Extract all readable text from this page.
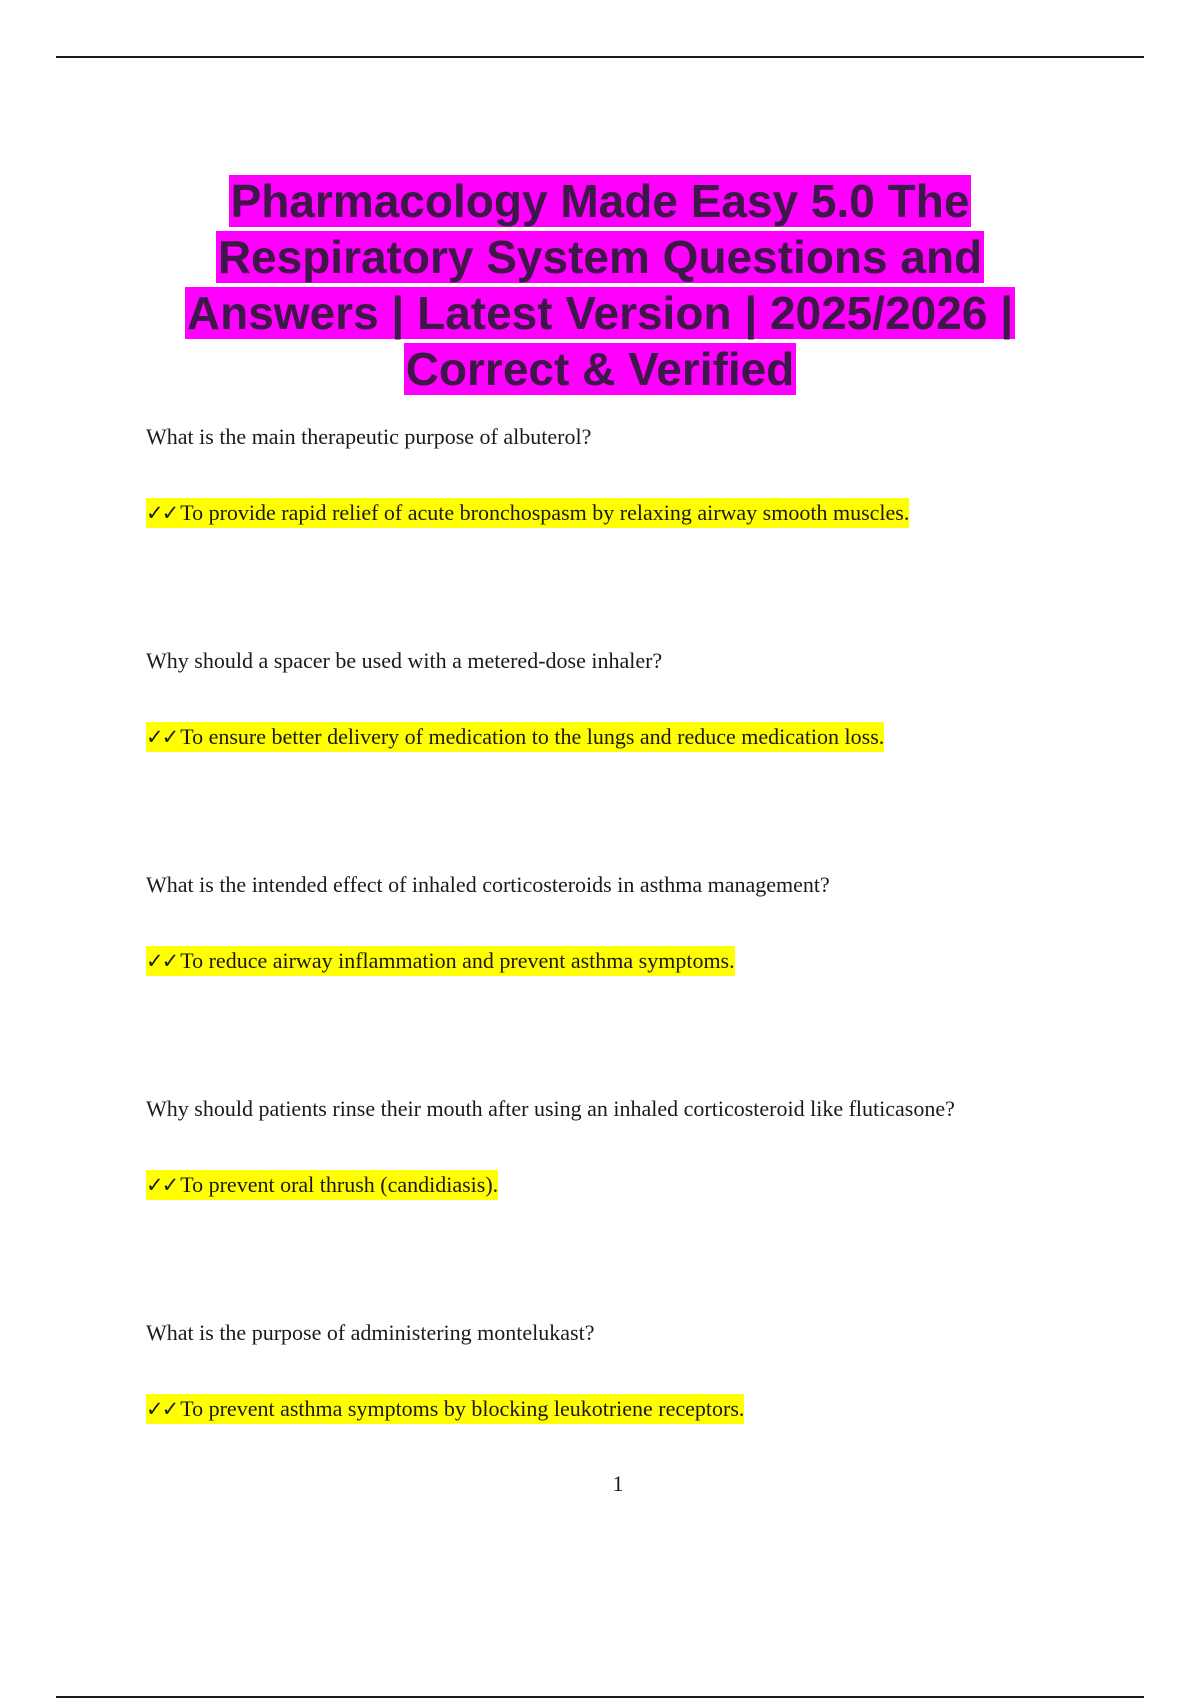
Pharmacology Made Easy 5.0 The
Respiratory System Questions and
Answers | Latest Version | 2025/2026 |
Correct & Verified

What is the main therapeutic purpose of albuterol?

✓✓ To provide rapid relief of acute bronchospasm by relaxing airway smooth muscles.

Why should a spacer be used with a metered-dose inhaler?

✓✓ To ensure better delivery of medication to the lungs and reduce medication loss.

What is the intended effect of inhaled corticosteroids in asthma management?

✓✓ To reduce airway inflammation and prevent asthma symptoms.

Why should patients rinse their mouth after using an inhaled corticosteroid like fluticasone?

✓✓ To prevent oral thrush (candidiasis).

What is the purpose of administering montelukast?

✓✓ To prevent asthma symptoms by blocking leukotriene receptors.

1
